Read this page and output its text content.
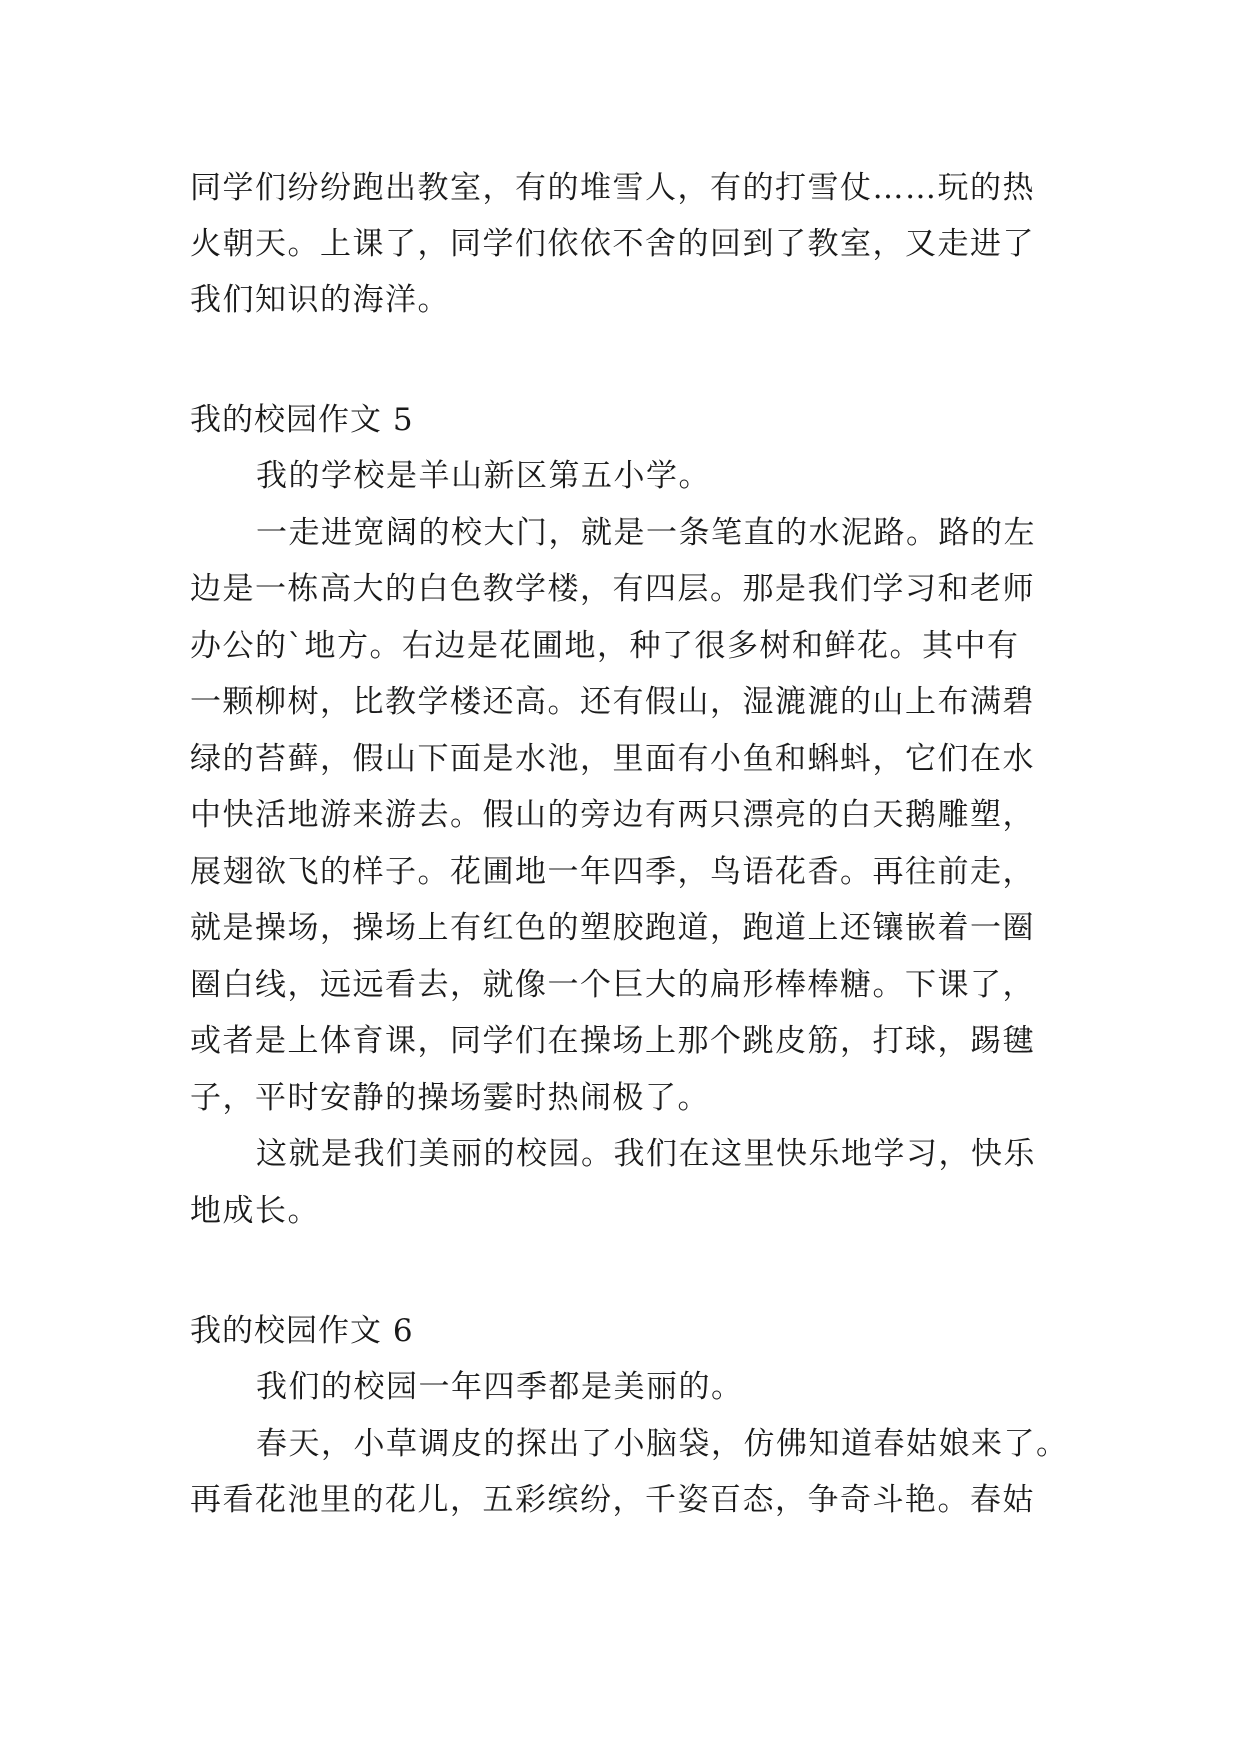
同学们纷纷跑出教室，有的堆雪人，有的打雪仗……玩的热
火朝天。上课了，同学们依依不舍的回到了教室，又走进了
我们知识的海洋。
我的校园作文 5
我的学校是羊山新区第五小学。
一走进宽阔的校大门，就是一条笔直的水泥路。路的左
边是一栋高大的白色教学楼，有四层。那是我们学习和老师
办公的`地方。右边是花圃地，种了很多树和鲜花。其中有
一颗柳树，比教学楼还高。还有假山，湿漉漉的山上布满碧
绿的苔藓，假山下面是水池，里面有小鱼和蝌蚪，它们在水
中快活地游来游去。假山的旁边有两只漂亮的白天鹅雕塑，
展翅欲飞的样子。花圃地一年四季，鸟语花香。再往前走，
就是操场，操场上有红色的塑胶跑道，跑道上还镶嵌着一圈
圈白线，远远看去，就像一个巨大的扁形棒棒糖。下课了，
或者是上体育课，同学们在操场上那个跳皮筋，打球，踢毽
子，平时安静的操场霎时热闹极了。
这就是我们美丽的校园。我们在这里快乐地学习，快乐
地成长。
我的校园作文 6
我们的校园一年四季都是美丽的。
春天，小草调皮的探出了小脑袋，仿佛知道春姑娘来了。
再看花池里的花儿，五彩缤纷，千姿百态，争奇斗艳。春姑
